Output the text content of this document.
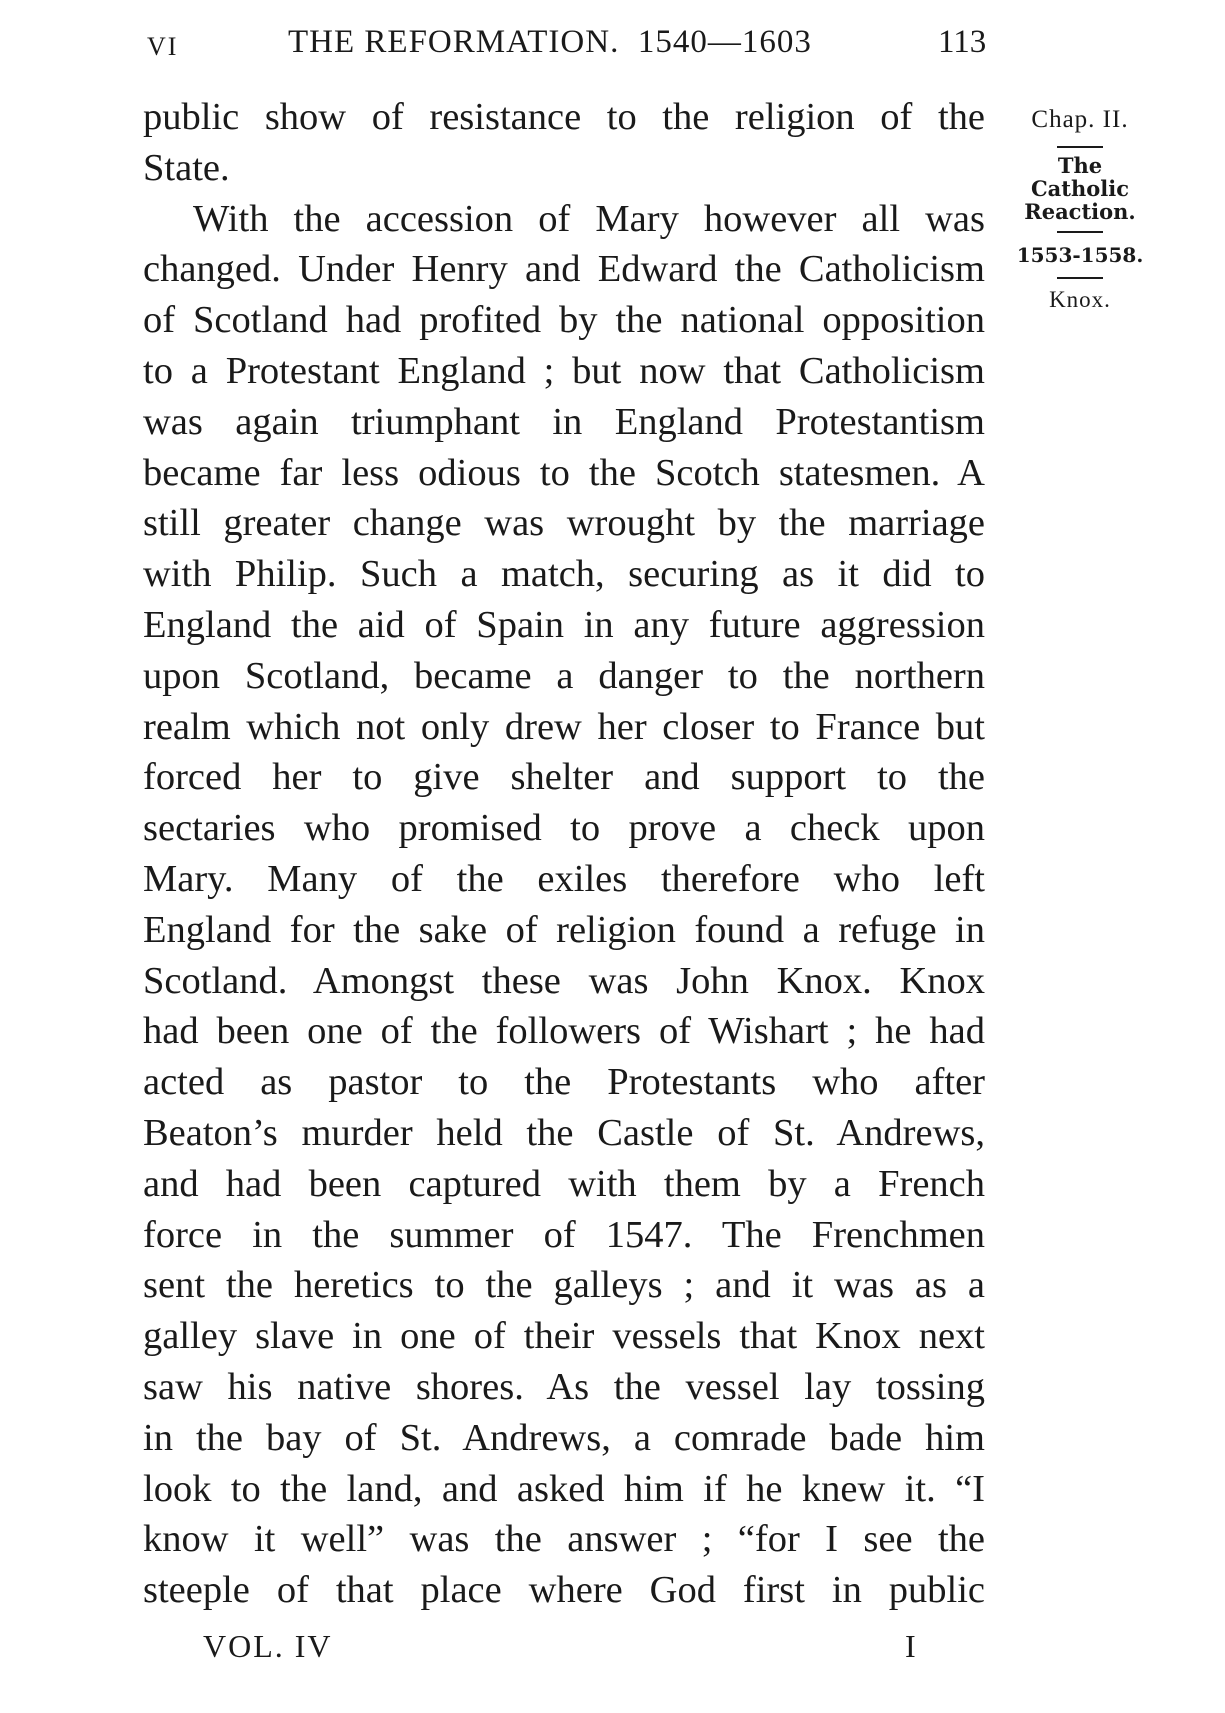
VI	THE REFORMATION.  1540—1603	113
public show of resistance to the religion of the
State.
With the accession of Mary however all was
changed. Under Henry and Edward the Catholicism
of Scotland had profited by the national opposition
to a Protestant England ; but now that Catholicism
was again triumphant in England Protestantism
became far less odious to the Scotch statesmen. A
still greater change was wrought by the marriage
with Philip. Such a match, securing as it did to
England the aid of Spain in any future aggression
upon Scotland, became a danger to the northern
realm which not only drew her closer to France but
forced her to give shelter and support to the
sectaries who promised to prove a check upon
Mary. Many of the exiles therefore who left
England for the sake of religion found a refuge in
Scotland. Amongst these was John Knox. Knox
had been one of the followers of Wishart ; he had
acted as pastor to the Protestants who after
Beaton’s murder held the Castle of St. Andrews,
and had been captured with them by a French
force in the summer of 1547. The Frenchmen
sent the heretics to the galleys ; and it was as a
galley slave in one of their vessels that Knox next
saw his native shores. As the vessel lay tossing
in the bay of St. Andrews, a comrade bade him
look to the land, and asked him if he knew it. “I
know it well” was the answer ; “for I see the
steeple of that place where God first in public
Chap. II.
The
Catholic
Reaction.
1553-1558.
Knox.
VOL. IV	I
